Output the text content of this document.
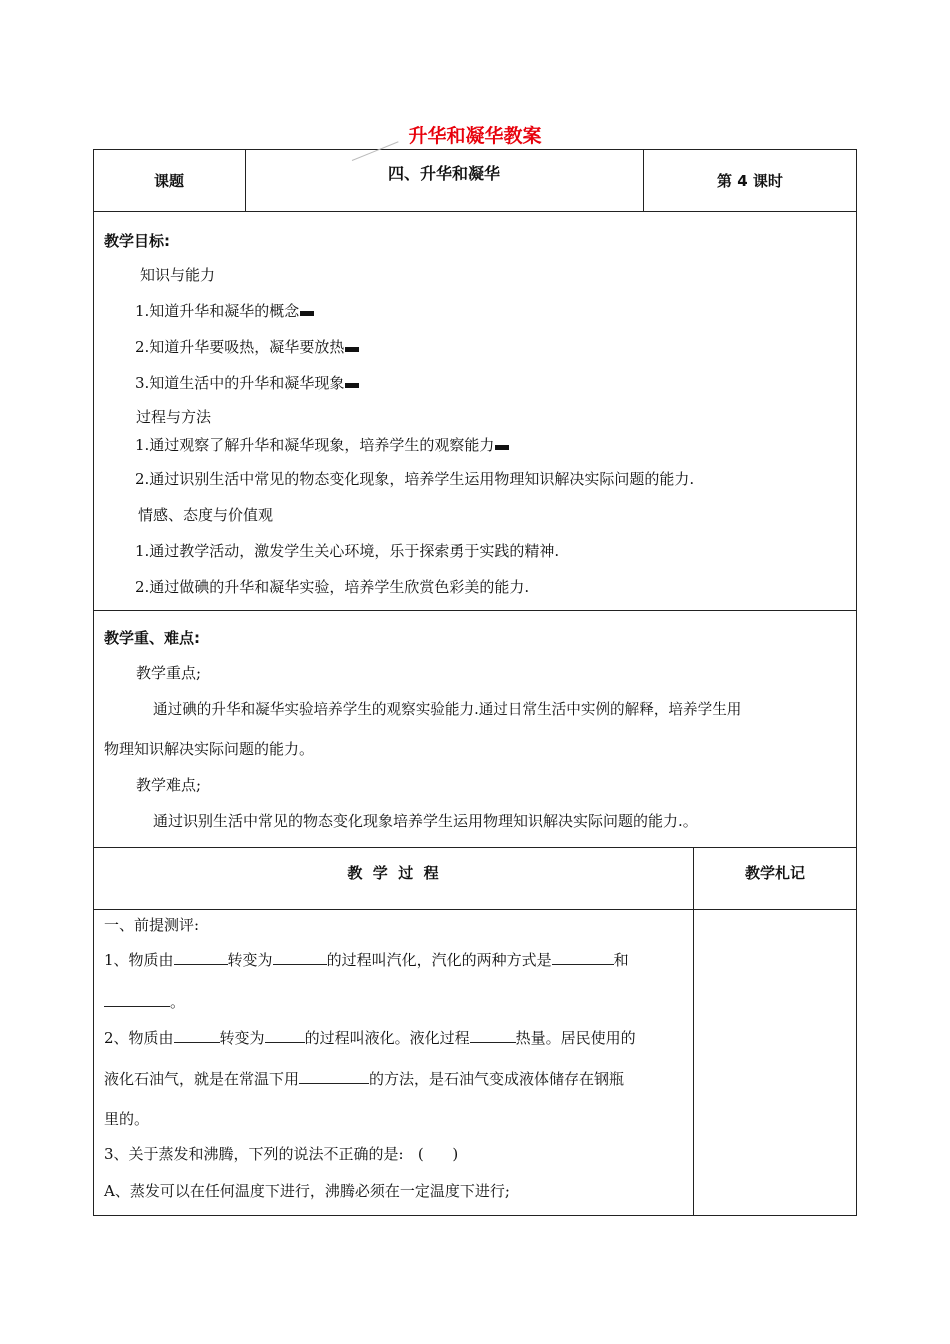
升华和凝华教案
课题	四、升华和凝华	第 4 课时
教学目标:
知识与能力
1.知道升华和凝华的概念
2.知道升华要吸热，凝华要放热
3.知道生活中的升华和凝华现象
过程与方法
1.通过观察了解升华和凝华现象，培养学生的观察能力
2.通过识别生活中常见的物态变化现象，培养学生运用物理知识解决实际问题的能力.
情感、态度与价值观
1.通过教学活动，激发学生关心环境，乐于探索勇于实践的精神.
2.通过做碘的升华和凝华实验，培养学生欣赏色彩美的能力.
教学重、难点:
教学重点;
通过碘的升华和凝华实验培养学生的观察实验能力.通过日常生活中实例的解释，培养学生用
物理知识解决实际问题的能力。
教学难点;
通过识别生活中常见的物态变化现象培养学生运用物理知识解决实际问题的能力.。
教  学  过  程	教学札记
一、前提测评:
1、物质由	转变为	的过程叫汽化，汽化的两种方式是	和
。
2、物质由	转变为	的过程叫液化。液化过程	热量。居民使用的
液化石油气，就是在常温下用	的方法，是石油气变成液体储存在钢瓶
里的。
3、关于蒸发和沸腾，下列的说法不正确的是:   (      )
A、蒸发可以在任何温度下进行，沸腾必须在一定温度下进行;
